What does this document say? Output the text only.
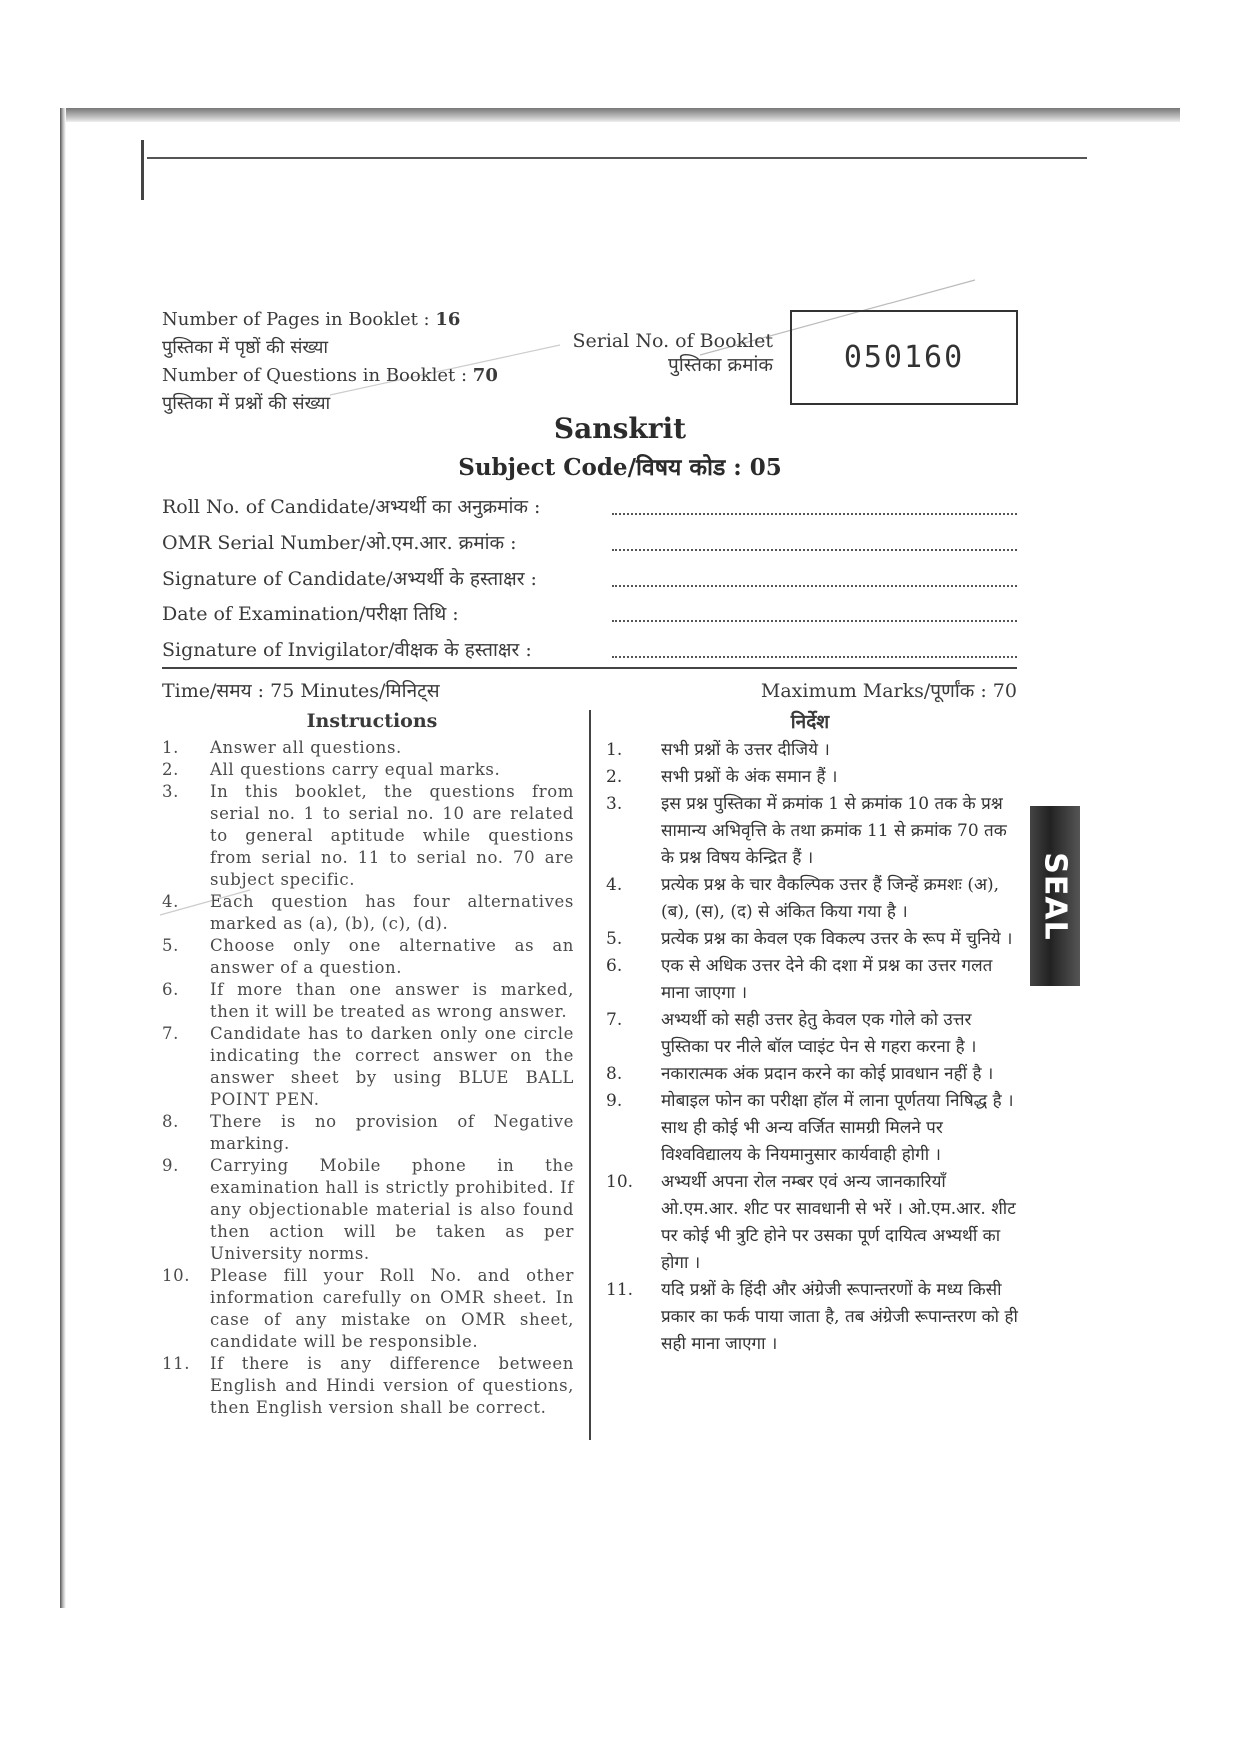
Number of Pages in Booklet : 16
पुस्तिका में पृष्ठों की संख्या
Number of Questions in Booklet : 70
पुस्तिका में प्रश्नों की संख्या
Serial No. of Booklet
पुस्तिका क्रमांक 050160
Sanskrit
Subject Code/विषय कोड : 05
Roll No. of Candidate/अभ्यर्थी का अनुक्रमांक :
OMR Serial Number/ओ.एम.आर. क्रमांक :
Signature of Candidate/अभ्यर्थी के हस्ताक्षर :
Date of Examination/परीक्षा तिथि :
Signature of Invigilator/वीक्षक के हस्ताक्षर :
Time/समय : 75 Minutes/मिनिट्स	Maximum Marks/पूर्णांक : 70
Instructions
1. Answer all questions.
2. All questions carry equal marks.
3. In this booklet, the questions from serial no. 1 to serial no. 10 are related to general aptitude while questions from serial no. 11 to serial no. 70 are subject specific.
4. Each question has four alternatives marked as (a), (b), (c), (d).
5. Choose only one alternative as an answer of a question.
6. If more than one answer is marked, then it will be treated as wrong answer.
7. Candidate has to darken only one circle indicating the correct answer on the answer sheet by using BLUE BALL POINT PEN.
8. There is no provision of Negative marking.
9. Carrying Mobile phone in the examination hall is strictly prohibited. If any objectionable material is also found then action will be taken as per University norms.
10. Please fill your Roll No. and other information carefully on OMR sheet. In case of any mistake on OMR sheet, candidate will be responsible.
11. If there is any difference between English and Hindi version of questions, then English version shall be correct.
निर्देश
1. सभी प्रश्नों के उत्तर दीजिये ।
2. सभी प्रश्नों के अंक समान हैं ।
3. इस प्रश्न पुस्तिका में क्रमांक 1 से क्रमांक 10 तक के प्रश्न सामान्य अभिवृत्ति के तथा क्रमांक 11 से क्रमांक 70 तक के प्रश्न विषय केन्द्रित हैं ।
4. प्रत्येक प्रश्न के चार वैकल्पिक उत्तर हैं जिन्हें क्रमशः (अ), (ब), (स), (द) से अंकित किया गया है ।
5. प्रत्येक प्रश्न का केवल एक विकल्प उत्तर के रूप में चुनिये ।
6. एक से अधिक उत्तर देने की दशा में प्रश्न का उत्तर गलत माना जाएगा ।
7. अभ्यर्थी को सही उत्तर हेतु केवल एक गोले को उत्तर पुस्तिका पर नीले बॉल प्वाइंट पेन से गहरा करना है ।
8. नकारात्मक अंक प्रदान करने का कोई प्रावधान नहीं है ।
9. मोबाइल फोन का परीक्षा हॉल में लाना पूर्णतया निषिद्ध है । साथ ही कोई भी अन्य वर्जित सामग्री मिलने पर विश्वविद्यालय के नियमानुसार कार्यवाही होगी ।
10. अभ्यर्थी अपना रोल नम्बर एवं अन्य जानकारियाँ ओ.एम.आर. शीट पर सावधानी से भरें । ओ.एम.आर. शीट पर कोई भी त्रुटि होने पर उसका पूर्ण दायित्व अभ्यर्थी का होगा ।
11. यदि प्रश्नों के हिंदी और अंग्रेजी रूपान्तरणों के मध्य किसी प्रकार का फर्क पाया जाता है, तब अंग्रेजी रूपान्तरण को ही सही माना जाएगा ।
SEAL
